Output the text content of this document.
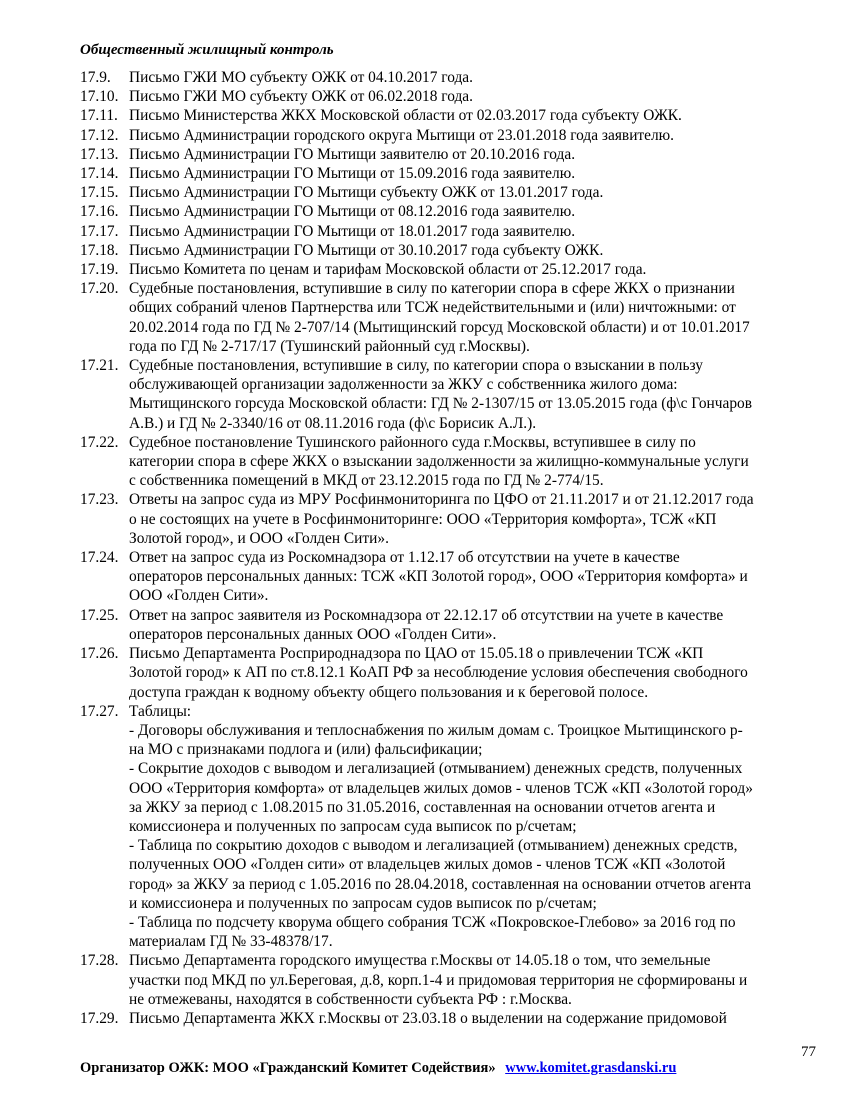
Общественный жилищный контроль
17.9.	Письмо ГЖИ МО субъекту ОЖК от 04.10.2017 года.
17.10. Письмо ГЖИ МО субъекту ОЖК от 06.02.2018 года.
17.11. Письмо Министерства ЖКХ Московской области от 02.03.2017 года субъекту ОЖК.
17.12. Письмо Администрации городского округа Мытищи от 23.01.2018 года заявителю.
17.13. Письмо Администрации ГО Мытищи заявителю от 20.10.2016 года.
17.14. Письмо Администрации ГО Мытищи от 15.09.2016 года заявителю.
17.15. Письмо Администрации ГО Мытищи субъекту ОЖК от 13.01.2017 года.
17.16. Письмо Администрации ГО Мытищи от 08.12.2016 года заявителю.
17.17. Письмо Администрации ГО Мытищи от 18.01.2017 года заявителю.
17.18. Письмо Администрации ГО Мытищи от 30.10.2017 года субъекту ОЖК.
17.19. Письмо Комитета по ценам и тарифам Московской области от 25.12.2017 года.
17.20. Судебные постановления, вступившие в силу по категории спора в сфере ЖКХ о признании
общих собраний членов Партнерства или ТСЖ недействительными и (или) ничтожными: от
20.02.2014 года по ГД № 2-707/14 (Мытищинский горсуд Московской области) и от 10.01.2017
года по ГД № 2-717/17 (Тушинский районный суд г.Москвы).
17.21. Судебные постановления, вступившие в силу, по категории спора о взыскании в пользу
обслуживающей организации задолженности за ЖКУ с собственника жилого дома:
Мытищинского горсуда Московской области: ГД № 2-1307/15 от 13.05.2015 года (ф\с Гончаров
А.В.) и ГД № 2-3340/16 от 08.11.2016 года (ф\с Борисик А.Л.).
17.22. Судебное постановление Тушинского районного суда г.Москвы, вступившее в силу по
категории спора в сфере ЖКХ о взыскании задолженности за жилищно-коммунальные услуги
с собственника помещений в МКД от 23.12.2015 года по ГД № 2-774/15.
17.23. Ответы на запрос суда из МРУ Росфинмониторинга по ЦФО от 21.11.2017 и от 21.12.2017 года
о не состоящих на учете в Росфинмониторинге: ООО «Территория комфорта», ТСЖ «КП
Золотой город», и ООО «Голден Сити».
17.24. Ответ на запрос суда из Роскомнадзора от 1.12.17 об отсутствии на учете в качестве
операторов персональных данных: ТСЖ «КП Золотой город», ООО «Территория комфорта» и
ООО «Голден Сити».
17.25. Ответ на запрос заявителя из Роскомнадзора от 22.12.17 об отсутствии на учете в качестве
операторов персональных данных ООО «Голден Сити».
17.26. Письмо Департамента Росприроднадзора по ЦАО от 15.05.18 о привлечении ТСЖ «КП
Золотой город» к АП по ст.8.12.1 КоАП РФ за несоблюдение условия обеспечения свободного
доступа граждан к водному объекту общего пользования и к береговой полосе.
17.27. Таблицы:
- Договоры обслуживания и теплоснабжения по жилым домам с. Троицкое Мытищинского р-
на МО с признаками подлога и (или) фальсификации;
- Сокрытие доходов с выводом и легализацией (отмыванием) денежных средств, полученных
ООО «Территория комфорта» от владельцев жилых домов - членов ТСЖ «КП «Золотой город»
за ЖКУ за период с 1.08.2015 по 31.05.2016, составленная на основании отчетов агента и
комиссионера и полученных по запросам суда выписок по р/счетам;
- Таблица по сокрытию доходов с выводом и легализацией (отмыванием) денежных средств,
полученных ООО «Голден сити» от владельцев жилых домов - членов ТСЖ «КП «Золотой
город» за ЖКУ за период с 1.05.2016 по 28.04.2018, составленная на основании отчетов агента
и комиссионера и полученных по запросам судов выписок по р/счетам;
- Таблица по подсчету кворума общего собрания ТСЖ «Покровское-Глебово» за 2016 год по
материалам ГД № 33-48378/17.
17.28. Письмо Департамента городского имущества г.Москвы от 14.05.18 о том, что земельные
участки под МКД по ул.Береговая, д.8, корп.1-4 и придомовая территория не сформированы и
не отмежеваны, находятся в собственности субъекта РФ : г.Москва.
17.29. Письмо Департамента ЖКХ г.Москвы от 23.03.18 о выделении на содержание придомовой
77
Организатор ОЖК: МОО «Гражданский Комитет Содействия» www.komitet.grasdanski.ru
